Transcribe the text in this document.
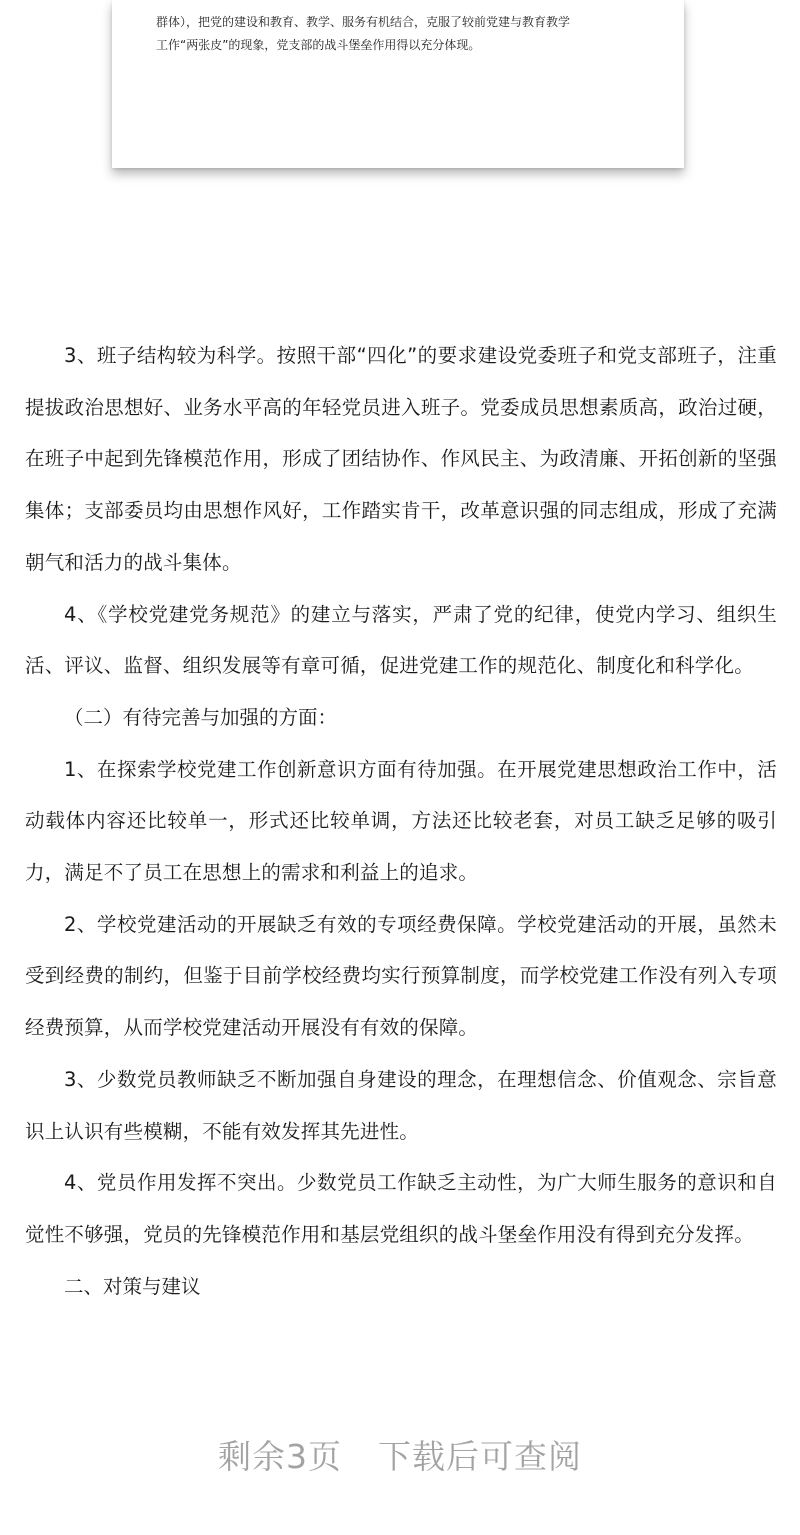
群体），把党的建设和教育、教学、服务有机结合，克服了较前党建与教育教学
工作“两张皮”的现象，党支部的战斗堡垒作用得以充分体现。

3、班子结构较为科学。按照干部“四化”的要求建设党委班子和党支部班子，注重提拔政治思想好、业务水平高的年轻党员进入班子。党委成员思想素质高，政治过硬，在班子中起到先锋模范作用，形成了团结协作、作风民主、为政清廉、开拓创新的坚强集体；支部委员均由思想作风好，工作踏实肯干，改革意识强的同志组成，形成了充满朝气和活力的战斗集体。

4、《学校党建党务规范》的建立与落实，严肃了党的纪律，使党内学习、组织生活、评议、监督、组织发展等有章可循，促进党建工作的规范化、制度化和科学化。

（二）有待完善与加强的方面：

1、在探索学校党建工作创新意识方面有待加强。在开展党建思想政治工作中，活动载体内容还比较单一，形式还比较单调，方法还比较老套，对员工缺乏足够的吸引力，满足不了员工在思想上的需求和利益上的追求。

2、学校党建活动的开展缺乏有效的专项经费保障。学校党建活动的开展，虽然未受到经费的制约，但鉴于目前学校经费均实行预算制度，而学校党建工作没有列入专项经费预算，从而学校党建活动开展没有有效的保障。

3、少数党员教师缺乏不断加强自身建设的理念，在理想信念、价值观念、宗旨意识上认识有些模糊，不能有效发挥其先进性。

4、党员作用发挥不突出。少数党员工作缺乏主动性，为广大师生服务的意识和自觉性不够强，党员的先锋模范作用和基层党组织的战斗堡垒作用没有得到充分发挥。

二、对策与建议

剩余3页 下载后可查阅
